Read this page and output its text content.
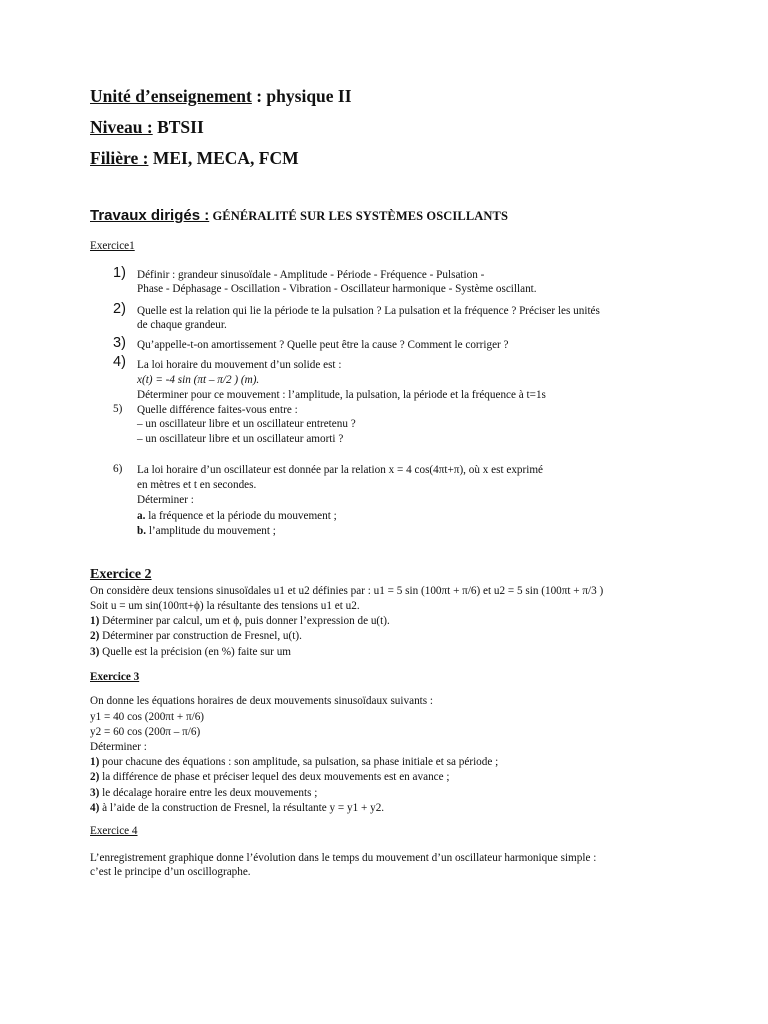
Unité d’enseignement : physique II
Niveau : BTSII
Filière : MEI, MECA, FCM
Travaux dirigés : GÉNÉRALITÉ SUR LES SYSTÈMES OSCILLANTS
Exercice1
1) Définir : grandeur sinusoïdale - Amplitude - Période - Fréquence - Pulsation -
Phase - Déphasage - Oscillation - Vibration - Oscillateur harmonique - Système oscillant.
2) Quelle est la relation qui lie la période te la pulsation ? La pulsation et la fréquence ? Préciser les unités
de chaque grandeur.
3) Qu’appelle-t-on amortissement ? Quelle peut être la cause ? Comment le corriger ?
4) La loi horaire du mouvement d’un solide est :
x(t) = -4 sin (πt – π/2 ) (m).
Déterminer pour ce mouvement : l’amplitude, la pulsation, la période et la fréquence à t=1s
5) Quelle différence faites-vous entre :
– un oscillateur libre et un oscillateur entretenu ?
– un oscillateur libre et un oscillateur amorti ?
6) La loi horaire d’un oscillateur est donnée par la relation x = 4 cos(4πt+π), où x est exprimé
en mètres et t en secondes.
Déterminer :
a. la fréquence et la période du mouvement ;
b. l’amplitude du mouvement ;
Exercice 2
On considère deux tensions sinusoïdales u1 et u2 définies par : u1 = 5 sin (100πt + π/6) et u2 = 5 sin (100πt + π/3 )
Soit u = um sin(100πt+ϕ) la résultante des tensions u1 et u2.
1) Déterminer par calcul, um et ϕ, puis donner l’expression de u(t).
2) Déterminer par construction de Fresnel, u(t).
3) Quelle est la précision (en %) faite sur um
Exercice 3
On donne les équations horaires de deux mouvements sinusoïdaux suivants :
y1 = 40 cos (200πt + π/6)
y2 = 60 cos (200π – π/6)
Déterminer :
1) pour chacune des équations : son amplitude, sa pulsation, sa phase initiale et sa période ;
2) la différence de phase et préciser lequel des deux mouvements est en avance ;
3) le décalage horaire entre les deux mouvements ;
4) à l’aide de la construction de Fresnel, la résultante y = y1 + y2.
Exercice 4
L’enregistrement graphique donne l’évolution dans le temps du mouvement d’un oscillateur harmonique simple :
c’est le principe d’un oscillographe.
